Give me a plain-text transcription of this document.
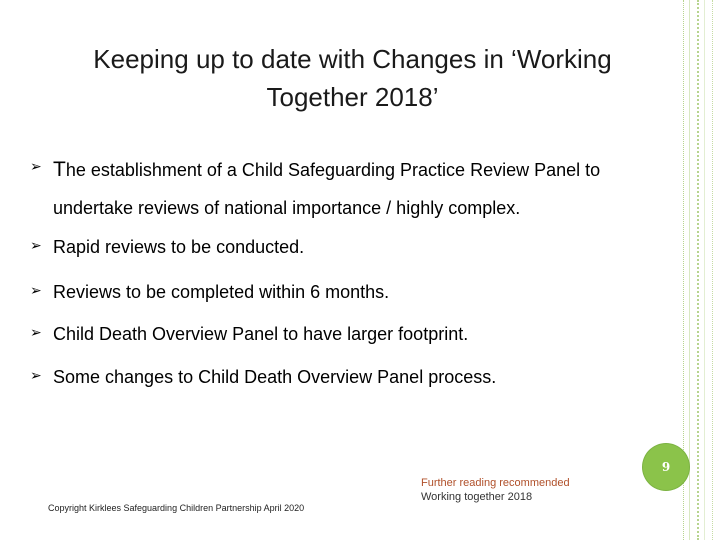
Keeping up to date with Changes in ‘Working Together 2018’
➢ The establishment of a Child Safeguarding Practice Review Panel to
undertake reviews of national importance / highly complex.
➢ Rapid reviews to be conducted.
➢ Reviews to be completed within 6 months.
➢ Child Death Overview Panel to have larger footprint.
➢ Some changes to Child Death Overview Panel process.
Copyright Kirklees Safeguarding Children Partnership April 2020
Further reading recommended
Working together 2018
9
